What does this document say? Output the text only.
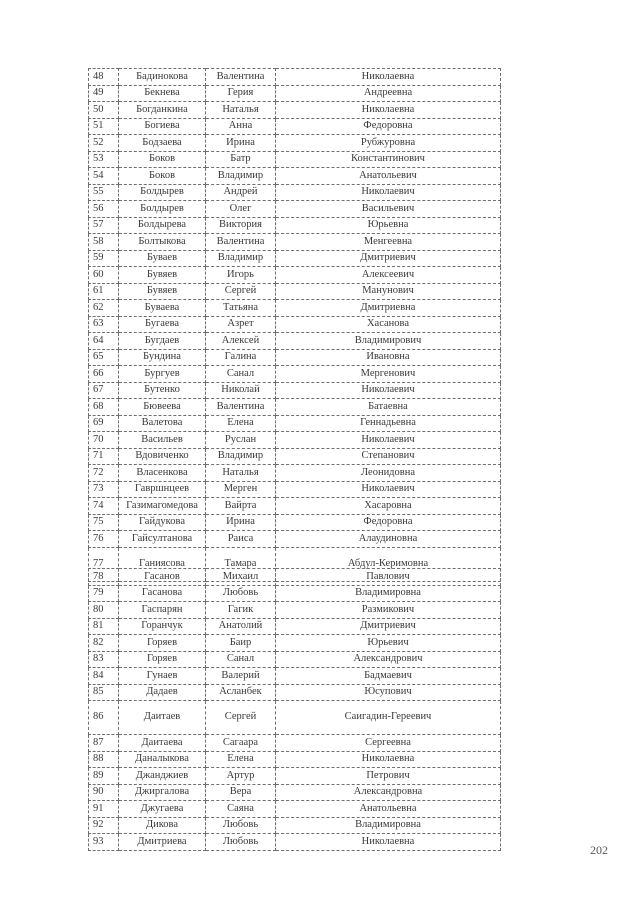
48	Бадинокова	Валентина	Николаевна
49	Бекнева	Герия	Андреевна
50	Богданкина	Наталья	Николаевна
51	Богиева	Анна	Федоровна
52	Бодзаева	Ирина	Рубжуровна
53	Боков	Батр	Константинович
54	Боков	Владимир	Анатольевич
55	Болдырев	Андрей	Николаевич
56	Болдырев	Олег	Васильевич
57	Болдырева	Виктория	Юрьевна
58	Болтыкова	Валентина	Менгеевна
59	Буваев	Владимир	Дмитриевич
60	Бувяев	Игорь	Алексеевич
61	Бувяев	Сергей	Манунович
62	Буваева	Татьяна	Дмитриевна
63	Бугаева	Азрет	Хасанова
64	Бугдаев	Алексей	Владимирович
65	Бундина	Галина	Ивановна
66	Бургуев	Санал	Мергенович
67	Бутенко	Николай	Николаевич
68	Бювеева	Валентина	Батаевна
69	Валетова	Елена	Геннадьевна
70	Васильев	Руслан	Николаевич
71	Вдовиченко	Владимир	Степанович
72	Власенкова	Наталья	Леонидовна
73	Гавршнцеев	Мерген	Николаевич
74	Газимагомедова	Вайрта	Хасаровна
75	Гайдукова	Ирина	Федоровна
76	Гайсултанова	Раиса	Алаудиновна
77	Ганиясова	Тамара	Абдул-Керимовна
78	Гасанов	Михаил	Павлович
79	Гасанова	Любовь	Владимировна
80	Гаспарян	Гагик	Размикович
81	Горанчук	Анатолий	Дмитриевич
82	Горяев	Баир	Юрьевич
83	Горяев	Санал	Александрович
84	Гунаев	Валерий	Бадмаевич
85	Дадаев	Асланбек	Юсупович
86	Даитаев	Сергей	Саигадин-Гереевич
87	Даитаева	Сагаара	Сергеевна
88	Даналыкова	Елена	Николаевна
89	Джанджиев	Артур	Петрович
90	Джиргалова	Вера	Александровна
91	Джугаева	Саяна	Анатольевна
92	Дикова	Любовь	Владимировна
93	Дмитриева	Любовь	Николаевна
202
